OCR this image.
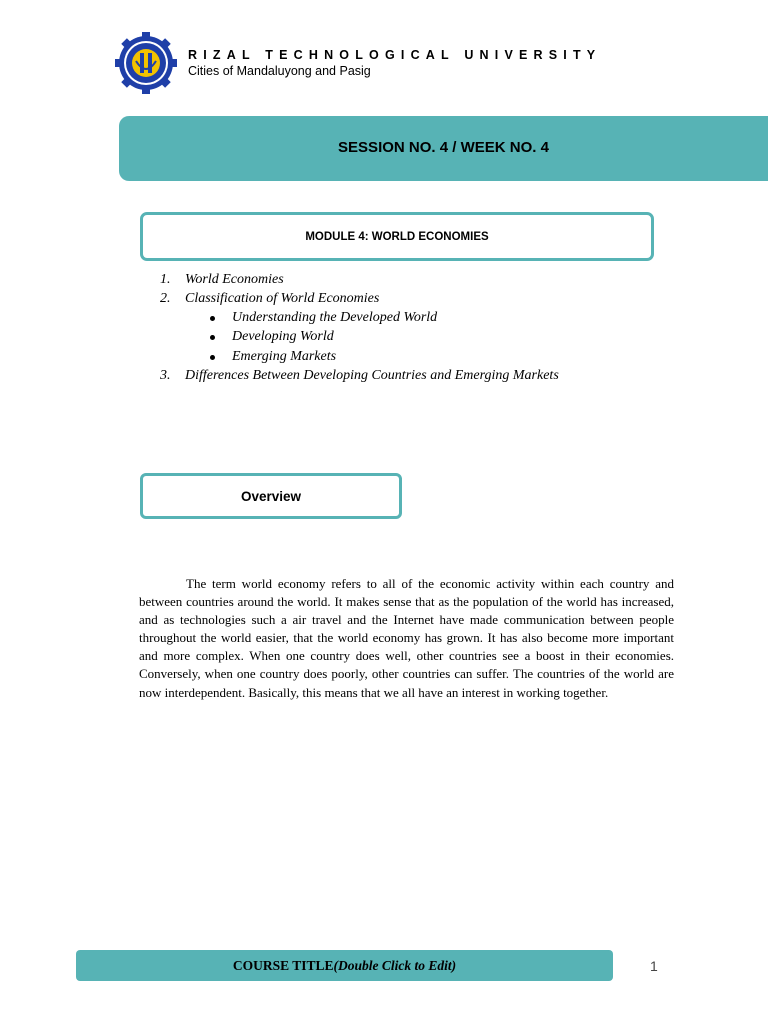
RIZAL TECHNOLOGICAL UNIVERSITY
Cities of Mandaluyong and Pasig
SESSION NO. 4 / WEEK NO. 4
MODULE 4: WORLD ECONOMIES
1. World Economies
2. Classification of World Economies
Understanding the Developed World
Developing World
Emerging Markets
3. Differences Between Developing Countries and Emerging Markets
Overview

The term world economy refers to all of the economic activity within each country and between countries around the world. It makes sense that as the population of the world has increased, and as technologies such a air travel and the Internet have made communication between people throughout the world easier, that the world economy has grown. It has also become more important and more complex. When one country does well, other countries see a boost in their economies. Conversely, when one country does poorly, other countries can suffer. The countries of the world are now interdependent. Basically, this means that we all have an interest in working together.

COURSE TITLE (Double Click to Edit)	1
